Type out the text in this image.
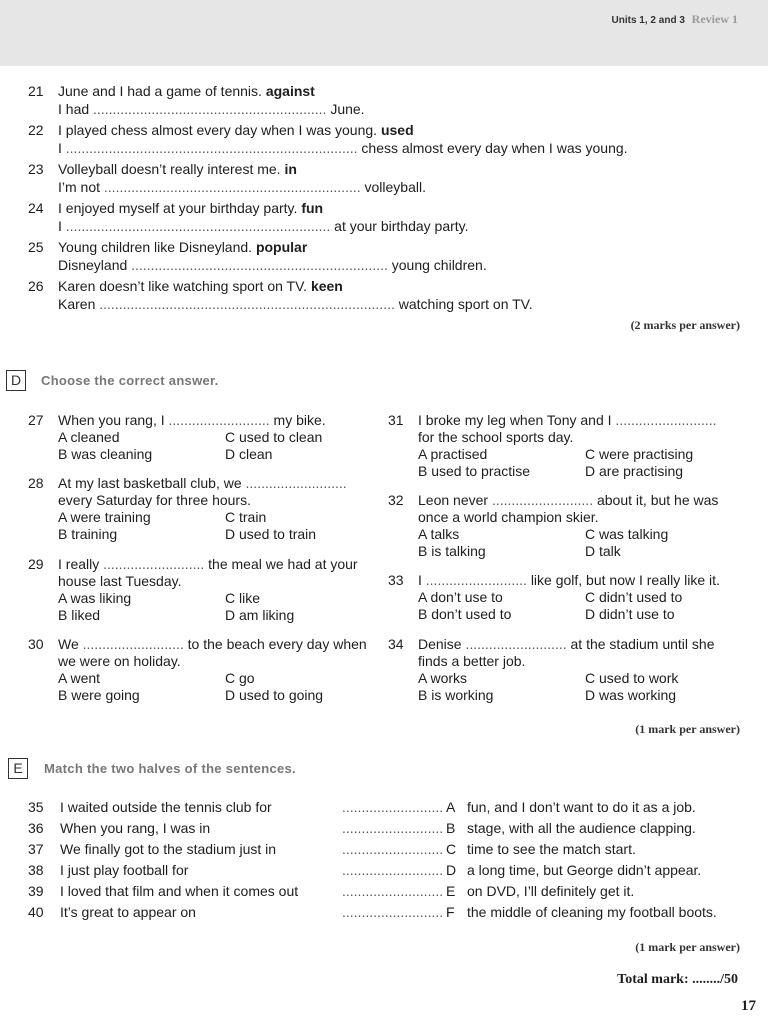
Units 1, 2 and 3 Review 1
21 June and I had a game of tennis. against
I had ............................................................ June.
22 I played chess almost every day when I was young. used
I ........................................................................... chess almost every day when I was young.
23 Volleyball doesn’t really interest me. in
I’m not .................................................................. volleyball.
24 I enjoyed myself at your birthday party. fun
I .................................................................... at your birthday party.
25 Young children like Disneyland. popular
Disneyland .................................................................. young children.
26 Karen doesn’t like watching sport on TV. keen
Karen ............................................................................ watching sport on TV.
(2 marks per answer)
D	Choose the correct answer.
27 When you rang, I .......................... my bike.
A cleaned	C used to clean
B was cleaning	D clean
28 At my last basketball club, we ..........................
every Saturday for three hours.
A were training	C train
B training	D used to train
29 I really .......................... the meal we had at your
house last Tuesday.
A was liking	C like
B liked	D am liking
30 We .......................... to the beach every day when
we were on holiday.
A went	C go
B were going	D used to going
31 I broke my leg when Tony and I ..........................
for the school sports day.
A practised	C were practising
B used to practise	D are practising
32 Leon never .......................... about it, but he was
once a world champion skier.
A talks	C was talking
B is talking	D talk
33 I .......................... like golf, but now I really like it.
A don’t use to	C didn’t used to
B don’t used to	D didn’t use to
34 Denise .......................... at the stadium until she
finds a better job.
A works	C used to work
B is working	D was working
(1 mark per answer)
E	Match the two halves of the sentences.
35 I waited outside the tennis club for	.......................... A fun, and I don’t want to do it as a job.
36 When you rang, I was in	.......................... B stage, with all the audience clapping.
37 We finally got to the stadium just in	.......................... C time to see the match start.
38 I just play football for	.......................... D a long time, but George didn’t appear.
39 I loved that film and when it comes out	.......................... E on DVD, I’ll definitely get it.
40 It’s great to appear on	.......................... F the middle of cleaning my football boots.
(1 mark per answer)
Total mark: ......../50
17
